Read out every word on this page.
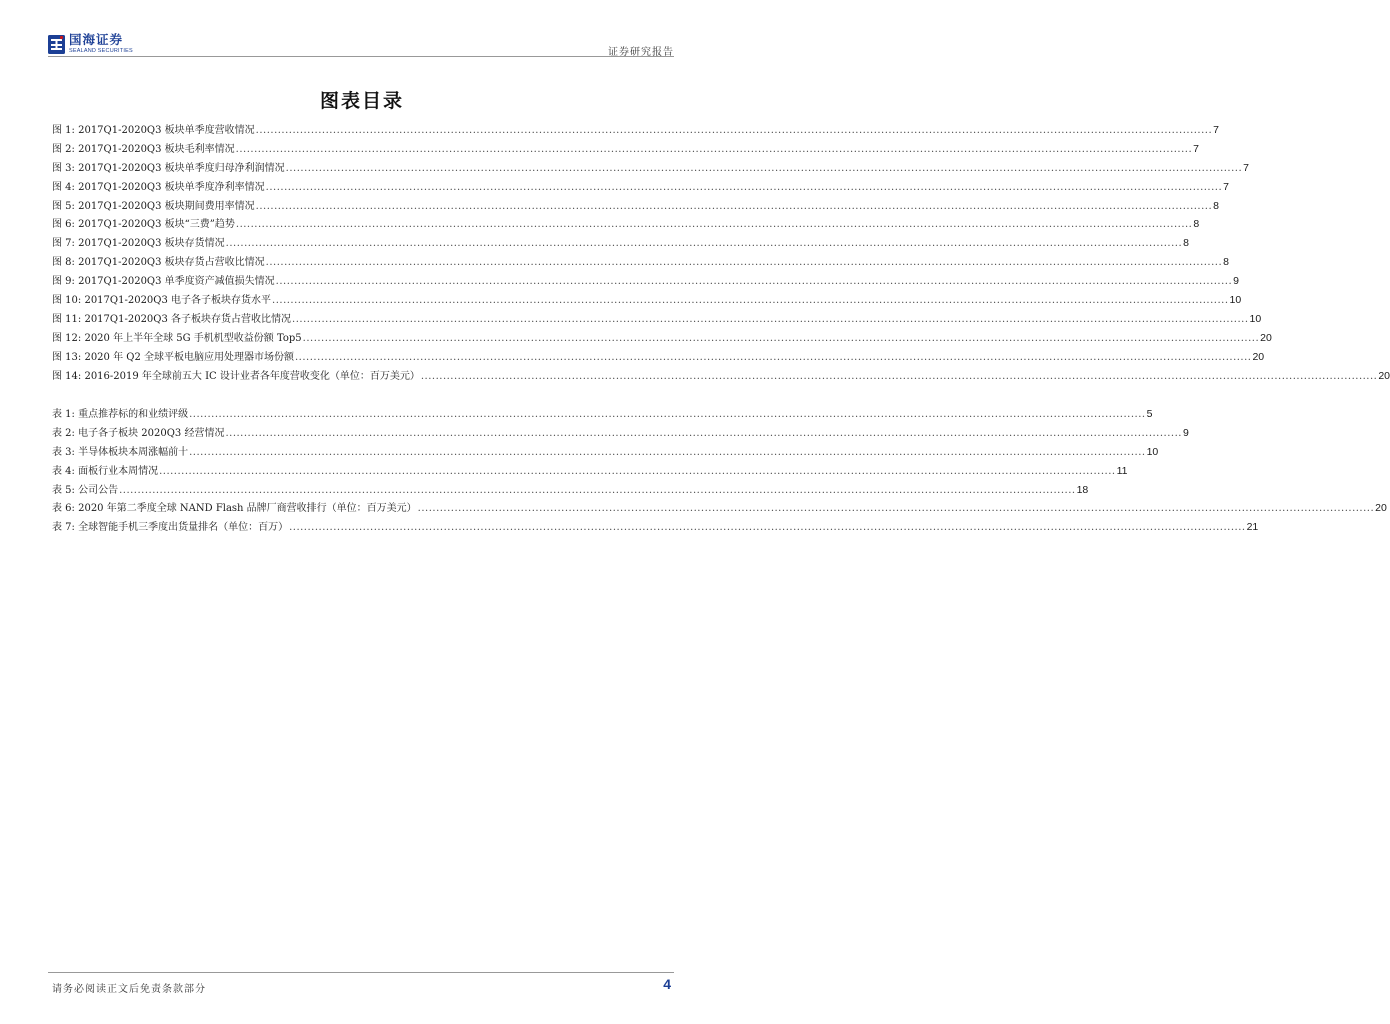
国海证券
SEALAND SECURITIES	证券研究报告
图表目录
图 1: 2017Q1-2020Q3 板块单季度营收情况 .................................................................................................................................................................................................................................................................... 7
图 2: 2017Q1-2020Q3 板块毛利率情况 .................................................................................................................................................................................................................................................................... 7
图 3: 2017Q1-2020Q3 板块单季度归母净利润情况 .................................................................................................................................................................................................................................................................... 7
图 4: 2017Q1-2020Q3 板块单季度净利率情况 .................................................................................................................................................................................................................................................................... 7
图 5: 2017Q1-2020Q3 板块期间费用率情况 .................................................................................................................................................................................................................................................................... 8
图 6: 2017Q1-2020Q3 板块“三费”趋势 .................................................................................................................................................................................................................................................................... 8
图 7: 2017Q1-2020Q3 板块存货情况 .................................................................................................................................................................................................................................................................... 8
图 8: 2017Q1-2020Q3 板块存货占营收比情况 .................................................................................................................................................................................................................................................................... 8
图 9: 2017Q1-2020Q3 单季度资产减值损失情况 .................................................................................................................................................................................................................................................................... 9
图 10: 2017Q1-2020Q3 电子各子板块存货水平 .................................................................................................................................................................................................................................................................... 10
图 11: 2017Q1-2020Q3 各子板块存货占营收比情况 .................................................................................................................................................................................................................................................................... 10
图 12: 2020 年上半年全球 5G 手机机型收益份额 Top5 .................................................................................................................................................................................................................................................................... 20
图 13: 2020 年 Q2 全球平板电脑应用处理器市场份额 .................................................................................................................................................................................................................................................................... 20
图 14: 2016-2019 年全球前五大 IC 设计业者各年度营收变化（单位：百万美元） .................................................................................................................................................................................................................................................................... 20
表 1: 重点推荐标的和业绩评级 .................................................................................................................................................................................................................................................................... 5
表 2: 电子各子板块 2020Q3 经营情况 .................................................................................................................................................................................................................................................................... 9
表 3: 半导体板块本周涨幅前十 .................................................................................................................................................................................................................................................................... 10
表 4: 面板行业本周情况 .................................................................................................................................................................................................................................................................... 11
表 5: 公司公告 .................................................................................................................................................................................................................................................................... 18
表 6: 2020 年第二季度全球 NAND Flash 品牌厂商营收排行（单位：百万美元） .................................................................................................................................................................................................................................................................... 20
表 7: 全球智能手机三季度出货量排名（单位：百万） .................................................................................................................................................................................................................................................................... 21
请务必阅读正文后免责条款部分	4
